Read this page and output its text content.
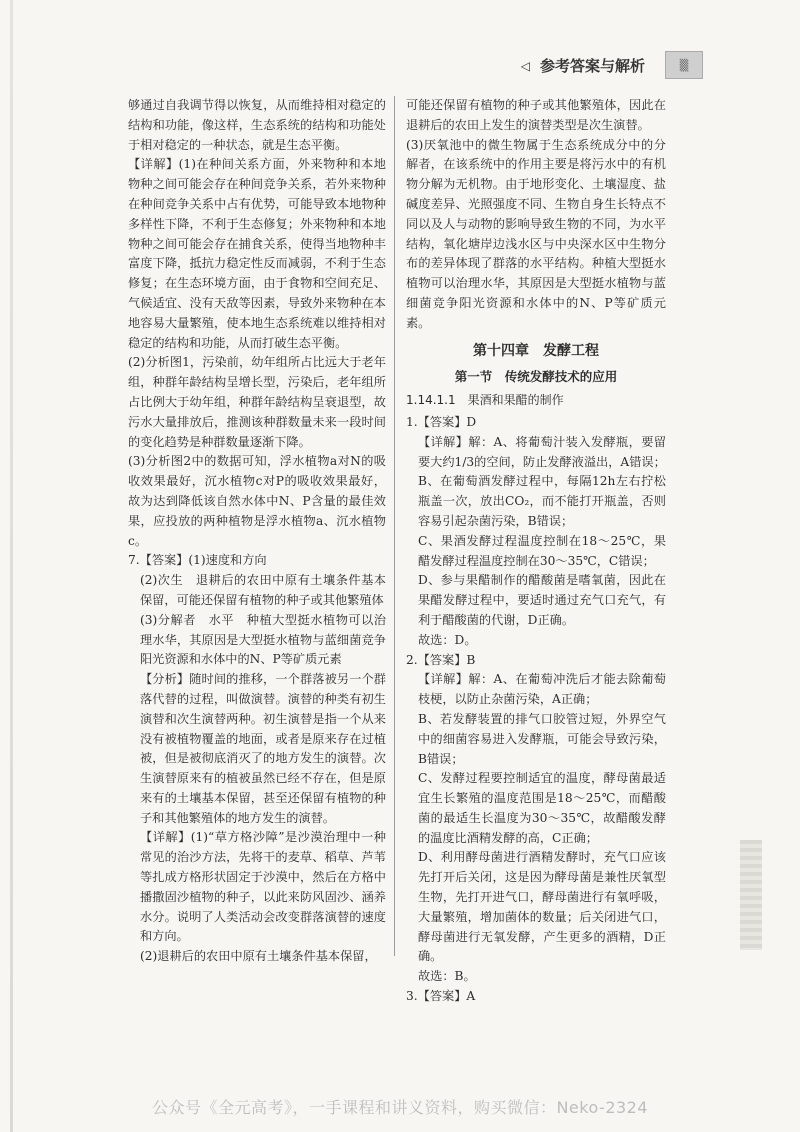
◁ 参考答案与解析	▒

够通过自我调节得以恢复，从而维持相对稳定的结构和功能，像这样，生态系统的结构和功能处于相对稳定的一种状态，就是生态平衡。

【详解】(1)在种间关系方面，外来物种和本地物种之间可能会存在种间竞争关系，若外来物种在种间竞争关系中占有优势，可能导致本地物种多样性下降，不利于生态修复；外来物种和本地物种之间可能会存在捕食关系，使得当地物种丰富度下降，抵抗力稳定性反而减弱，不利于生态修复；在生态环境方面，由于食物和空间充足、气候适宜、没有天敌等因素，导致外来物种在本地容易大量繁殖，使本地生态系统难以维持相对稳定的结构和功能，从而打破生态平衡。

(2)分析图1，污染前，幼年组所占比远大于老年组，种群年龄结构呈增长型，污染后，老年组所占比例大于幼年组，种群年龄结构呈衰退型，故污水大量排放后，推测该种群数量未来一段时间的变化趋势是种群数量逐渐下降。

(3)分析图2中的数据可知，浮水植物a对N的吸收效果最好，沉水植物c对P的吸收效果最好，故为达到降低该自然水体中N、P含量的最佳效果，应投放的两种植物是浮水植物a、沉水植物c。

7.【答案】(1)速度和方向

(2)次生　退耕后的农田中原有土壤条件基本保留，可能还保留有植物的种子或其他繁殖体

(3)分解者　水平　种植大型挺水植物可以治理水华，其原因是大型挺水植物与蓝细菌竞争阳光资源和水体中的N、P等矿质元素

【分析】随时间的推移，一个群落被另一个群落代替的过程，叫做演替。演替的种类有初生演替和次生演替两种。初生演替是指一个从来没有被植物覆盖的地面，或者是原来存在过植被，但是被彻底消灭了的地方发生的演替。次生演替原来有的植被虽然已经不存在，但是原来有的土壤基本保留，甚至还保留有植物的种子和其他繁殖体的地方发生的演替。

【详解】(1)“草方格沙障”是沙漠治理中一种常见的治沙方法，先将干的麦草、稻草、芦苇等扎成方格形状固定于沙漠中，然后在方格中播撒固沙植物的种子，以此来防风固沙、涵养水分。说明了人类活动会改变群落演替的速度和方向。

(2)退耕后的农田中原有土壤条件基本保留，

可能还保留有植物的种子或其他繁殖体，因此在退耕后的农田上发生的演替类型是次生演替。

(3)厌氧池中的微生物属于生态系统成分中的分解者，在该系统中的作用主要是将污水中的有机物分解为无机物。由于地形变化、土壤湿度、盐碱度差异、光照强度不同、生物自身生长特点不同以及人与动物的影响导致生物的不同，为水平结构，氧化塘岸边浅水区与中央深水区中生物分布的差异体现了群落的水平结构。种植大型挺水植物可以治理水华，其原因是大型挺水植物与蓝细菌竞争阳光资源和水体中的N、P等矿质元素。

第十四章　发酵工程
第一节　传统发酵技术的应用
1.14.1.1　果酒和果醋的制作

1.【答案】D

【详解】解：A、将葡萄汁装入发酵瓶，要留要大约1/3的空间，防止发酵液溢出，A错误；

B、在葡萄酒发酵过程中，每隔12h左右拧松瓶盖一次，放出CO₂，而不能打开瓶盖，否则容易引起杂菌污染，B错误；

C、果酒发酵过程温度控制在18～25℃，果醋发酵过程温度控制在30～35℃，C错误；

D、参与果醋制作的醋酸菌是嗜氧菌，因此在果醋发酵过程中，要适时通过充气口充气，有利于醋酸菌的代谢，D正确。

故选：D。

2.【答案】B

【详解】解：A、在葡萄冲洗后才能去除葡萄枝梗，以防止杂菌污染，A正确；

B、若发酵装置的排气口胶管过短，外界空气中的细菌容易进入发酵瓶，可能会导致污染，B错误；

C、发酵过程要控制适宜的温度，酵母菌最适宜生长繁殖的温度范围是18～25℃，而醋酸菌的最适生长温度为30～35℃，故醋酸发酵的温度比酒精发酵的高，C正确；

D、利用酵母菌进行酒精发酵时，充气口应该先打开后关闭，这是因为酵母菌是兼性厌氧型生物，先打开进气口，酵母菌进行有氧呼吸，大量繁殖，增加菌体的数量；后关闭进气口，酵母菌进行无氧发酵，产生更多的酒精，D正确。

故选：B。

3.【答案】A

公众号《全元高考》，一手课程和讲义资料，购买微信：Neko-2324
